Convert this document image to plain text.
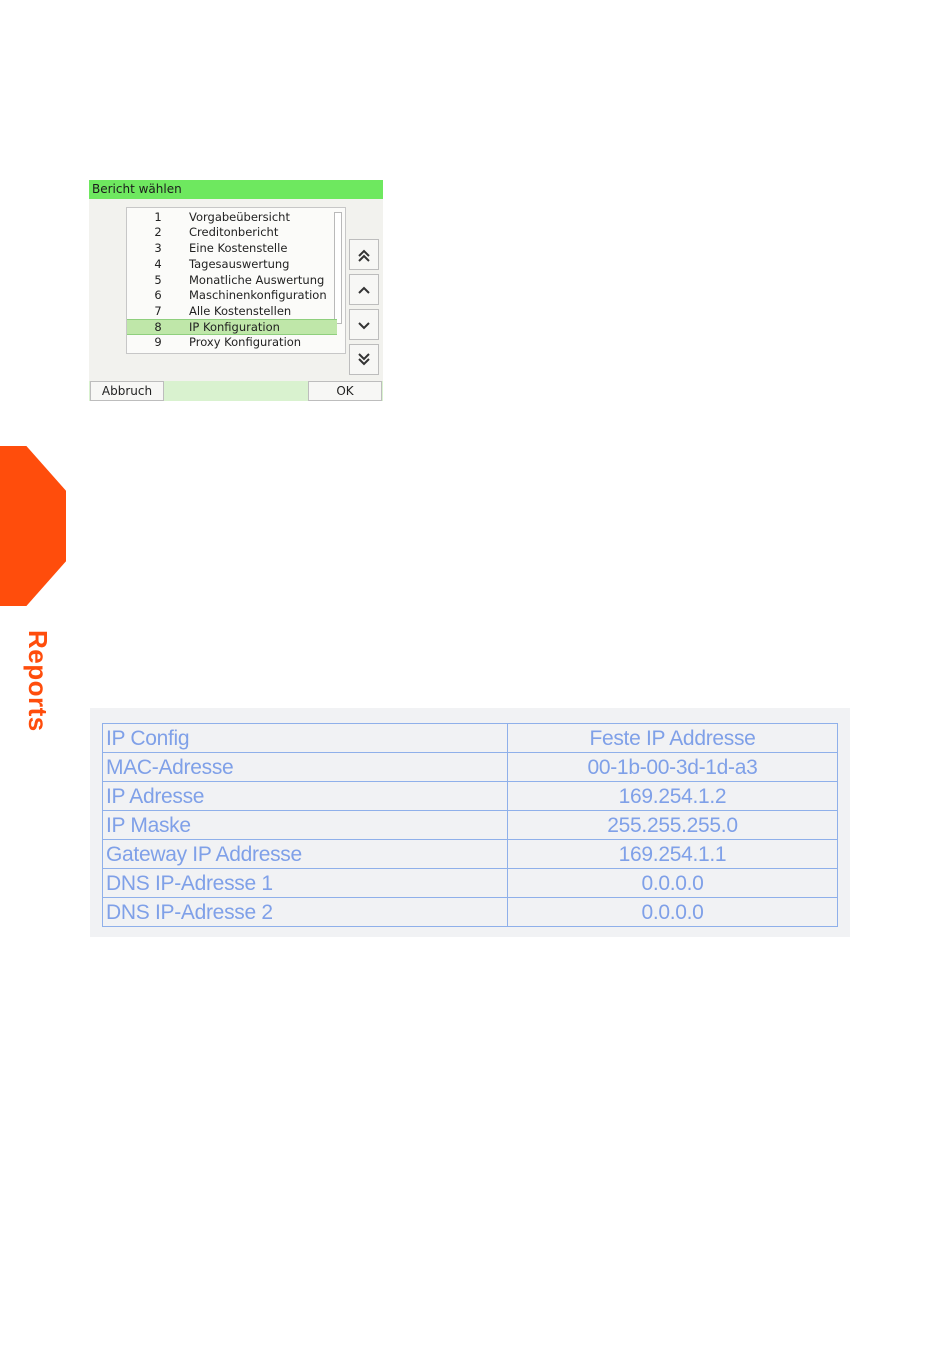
Reports
Bericht wählen
1 Vorgabeübersicht
2 Creditonbericht
3 Eine Kostenstelle
4 Tagesauswertung
5 Monatliche Auswertung
6 Maschinenkonfiguration
7 Alle Kostenstellen
8 IP Konfiguration
9 Proxy Konfiguration
Abbruch	OK
IP Config	Feste IP Addresse
MAC-Adresse	00-1b-00-3d-1d-a3
IP Adresse	169.254.1.2
IP Maske	255.255.255.0
Gateway IP Addresse	169.254.1.1
DNS IP-Adresse 1	0.0.0.0
DNS IP-Adresse 2	0.0.0.0
